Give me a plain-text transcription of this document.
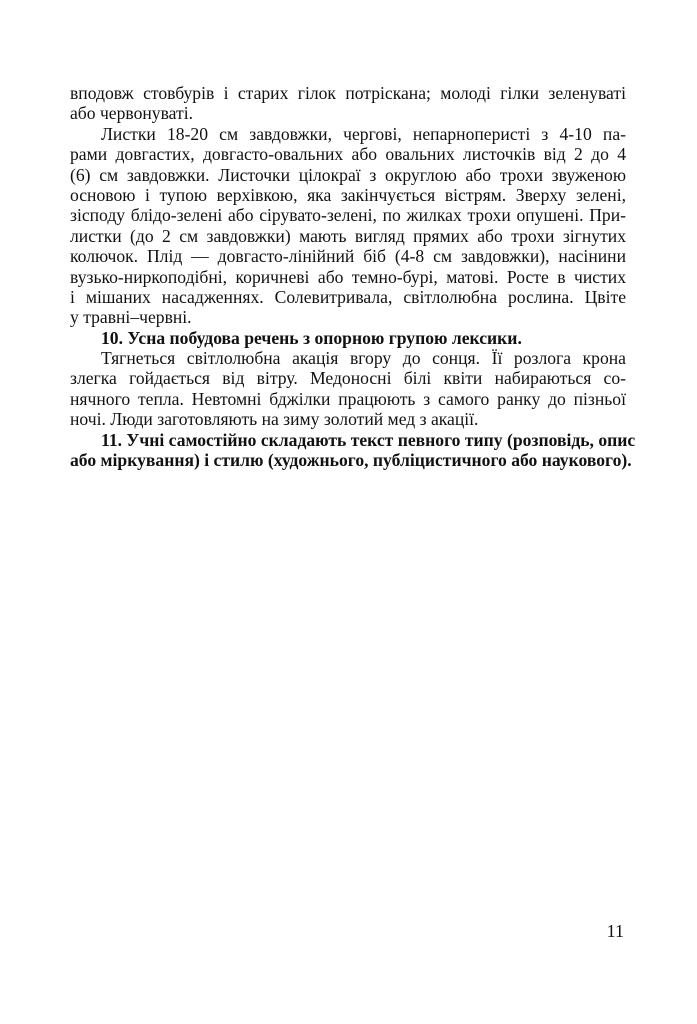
вподовж стовбурів і старих гілок потріскана; молоді гілки зеленуваті
або червонуваті.
Листки 18-20 см завдовжки, чергові, непарноперисті з 4-10 па-
рами довгастих, довгасто-овальних або овальних листочків від 2 до 4
(6) см завдовжки. Листочки цілокраї з округлою або трохи звуженою
основою і тупою верхівкою, яка закінчується вістрям. Зверху зелені,
зісподу блідо-зелені або сірувато-зелені, по жилках трохи опушені. При-
листки (до 2 см завдовжки) мають вигляд прямих або трохи зігнутих
колючок. Плід — довгасто-лінійний біб (4-8 см завдовжки), насінини
вузько-ниркоподібні, коричневі або темно-бурі, матові. Росте в чистих
і мішаних насадженнях. Солевитривала, світлолюбна рослина. Цвіте
у травні–червні.
10. Усна побудова речень з опорною групою лексики.
Тягнеться світлолюбна акація вгору до сонця. Її розлога крона
злегка гойдається від вітру. Медоносні білі квіти набираються со-
нячного тепла. Невтомні бджілки працюють з самого ранку до пізньої
ночі. Люди заготовляють на зиму золотий мед з акації.
11. Учні самостійно складають текст певного типу (розповідь, опис
або міркування) і стилю (художнього, публіцистичного або наукового).
11
